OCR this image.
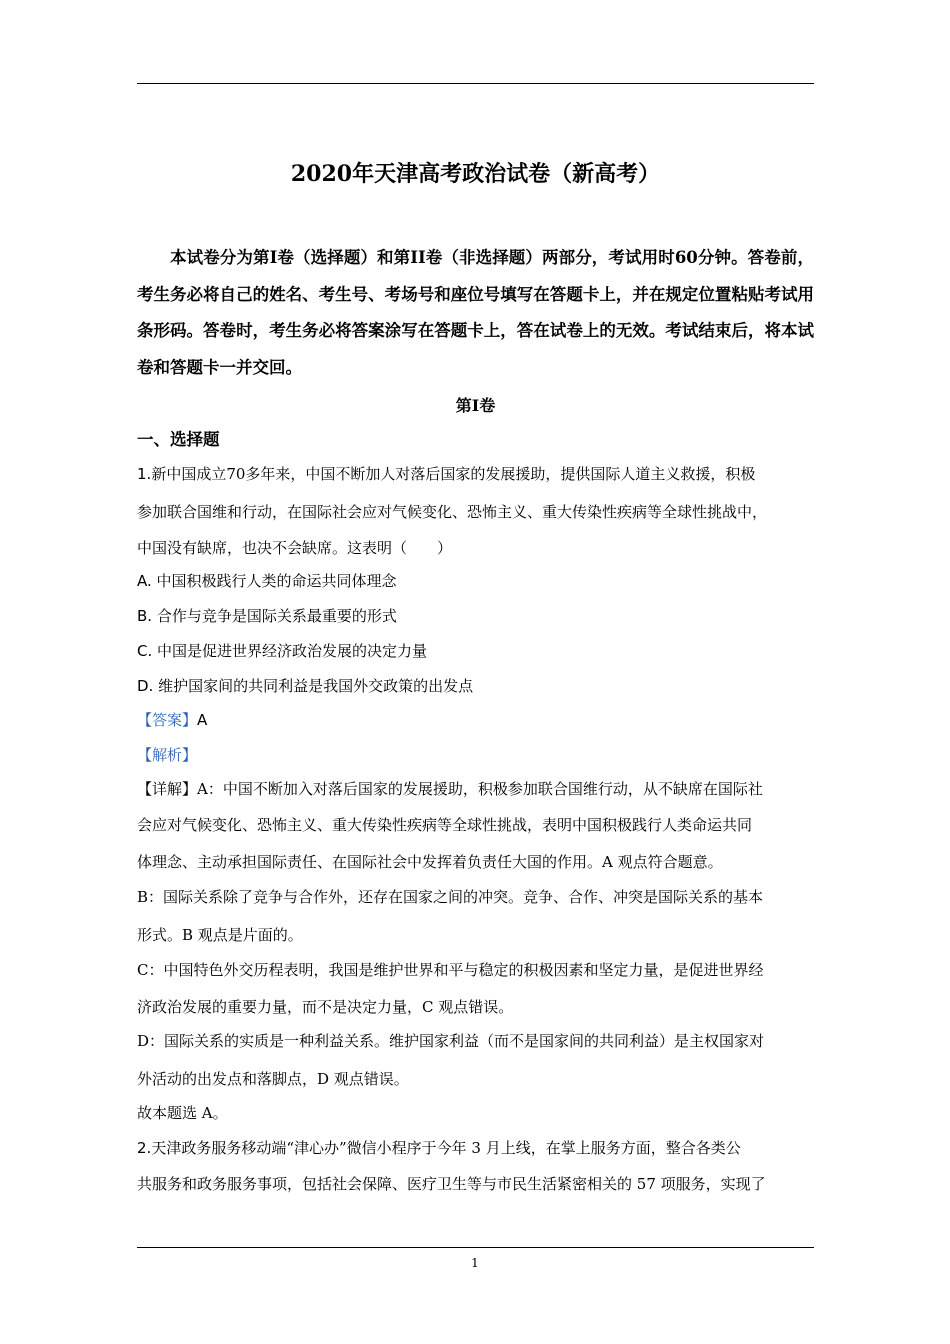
2020年天津高考政治试卷（新高考）
本试卷分为第Ⅰ卷（选择题）和第II卷（非选择题）两部分，考试用时60分钟。答卷前，考生务必将自己的姓名、考生号、考场号和座位号填写在答题卡上，并在规定位置粘贴考试用条形码。答卷时，考生务必将答案涂写在答题卡上，答在试卷上的无效。考试结束后，将本试卷和答题卡一并交回。
第Ⅰ卷
一、选择题
1.新中国成立70多年来，中国不断加人对落后国家的发展援助，提供国际人道主义救援，积极
参加联合国维和行动，在国际社会应对气候变化、恐怖主义、重大传染性疾病等全球性挑战中，
中国没有缺席，也决不会缺席。这表明（　　）
A. 中国积极践行人类的命运共同体理念
B. 合作与竞争是国际关系最重要的形式
C. 中国是促进世界经济政治发展的决定力量
D. 维护国家间的共同利益是我国外交政策的出发点
【答案】A
【解析】
【详解】A：中国不断加入对落后国家的发展援助，积极参加联合国维行动，从不缺席在国际社
会应对气候变化、恐怖主义、重大传染性疾病等全球性挑战，表明中国积极践行人类命运共同
体理念、主动承担国际责任、在国际社会中发挥着负责任大国的作用。A 观点符合题意。
B：国际关系除了竞争与合作外，还存在国家之间的冲突。竞争、合作、冲突是国际关系的基本
形式。B 观点是片面的。
C：中国特色外交历程表明，我国是维护世界和平与稳定的积极因素和坚定力量，是促进世界经
济政治发展的重要力量，而不是决定力量，C 观点错误。
D：国际关系的实质是一种利益关系。维护国家利益（而不是国家间的共同利益）是主权国家对
外活动的出发点和落脚点，D 观点错误。
故本题选 A。
2.天津政务服务移动端“津心办”微信小程序于今年 3 月上线，在掌上服务方面，整合各类公
共服务和政务服务事项，包括社会保障、医疗卫生等与市民生活紧密相关的 57 项服务，实现了
1
